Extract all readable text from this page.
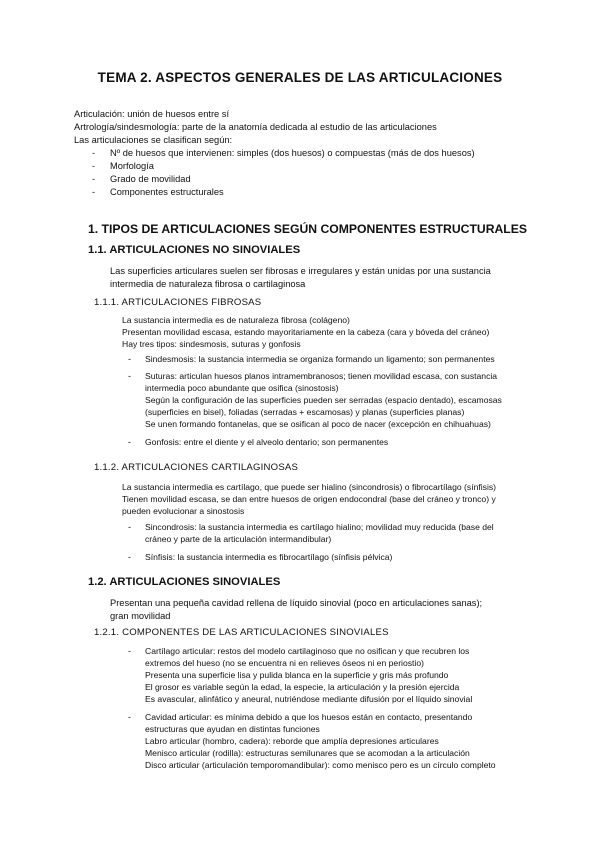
TEMA 2. ASPECTOS GENERALES DE LAS ARTICULACIONES
Articulación: unión de huesos entre sí
Artrología/sindesmología: parte de la anatomía dedicada al estudio de las articulaciones
Las articulaciones se clasifican según:
- Nº de huesos que intervienen: simples (dos huesos) o compuestas (más de dos huesos)
- Morfología
- Grado de movilidad
- Componentes estructurales
1. TIPOS DE ARTICULACIONES SEGÚN COMPONENTES ESTRUCTURALES
1.1. ARTICULACIONES NO SINOVIALES
Las superficies articulares suelen ser fibrosas e irregulares y están unidas por una sustancia
intermedia de naturaleza fibrosa o cartilaginosa
1.1.1. ARTICULACIONES FIBROSAS
La sustancia intermedia es de naturaleza fibrosa (colágeno)
Presentan movilidad escasa, estando mayoritariamente en la cabeza (cara y bóveda del cráneo)
Hay tres tipos: sindesmosis, suturas y gonfosis
- Sindesmosis: la sustancia intermedia se organiza formando un ligamento; son permanentes
- Suturas: articulan huesos planos intramembranosos; tienen movilidad escasa, con sustancia
intermedia poco abundante que osifica (sinostosis)
Según la configuración de las superficies pueden ser serradas (espacio dentado), escamosas
(superficies en bisel), foliadas (serradas + escamosas) y planas (superficies planas)
Se unen formando fontanelas, que se osifican al poco de nacer (excepción en chihuahuas)
- Gonfosis: entre el diente y el alveolo dentario; son permanentes
1.1.2. ARTICULACIONES CARTILAGINOSAS
La sustancia intermedia es cartílago, que puede ser hialino (sincondrosis) o fibrocartílago (sínfisis)
Tienen movilidad escasa, se dan entre huesos de origen endocondral (base del cráneo y tronco) y
pueden evolucionar a sinostosis
- Sincondrosis: la sustancia intermedia es cartílago hialino; movilidad muy reducida (base del
cráneo y parte de la articulación intermandibular)
- Sínfisis: la sustancia intermedia es fibrocartílago (sínfisis pélvica)
1.2. ARTICULACIONES SINOVIALES
Presentan una pequeña cavidad rellena de líquido sinovial (poco en articulaciones sanas);
gran movilidad
1.2.1. COMPONENTES DE LAS ARTICULACIONES SINOVIALES
- Cartílago articular: restos del modelo cartilaginoso que no osifican y que recubren los
extremos del hueso (no se encuentra ni en relieves óseos ni en periostio)
Presenta una superficie lisa y pulida blanca en la superficie y gris más profundo
El grosor es variable según la edad, la especie, la articulación y la presión ejercida
Es avascular, alinfático y aneural, nutriéndose mediante difusión por el líquido sinovial
- Cavidad articular: es mínima debido a que los huesos están en contacto, presentando
estructuras que ayudan en distintas funciones
Labro articular (hombro, cadera): reborde que amplía depresiones articulares
Menisco articular (rodilla): estructuras semilunares que se acomodan a la articulación
Disco articular (articulación temporomandibular): como menisco pero es un círculo completo
